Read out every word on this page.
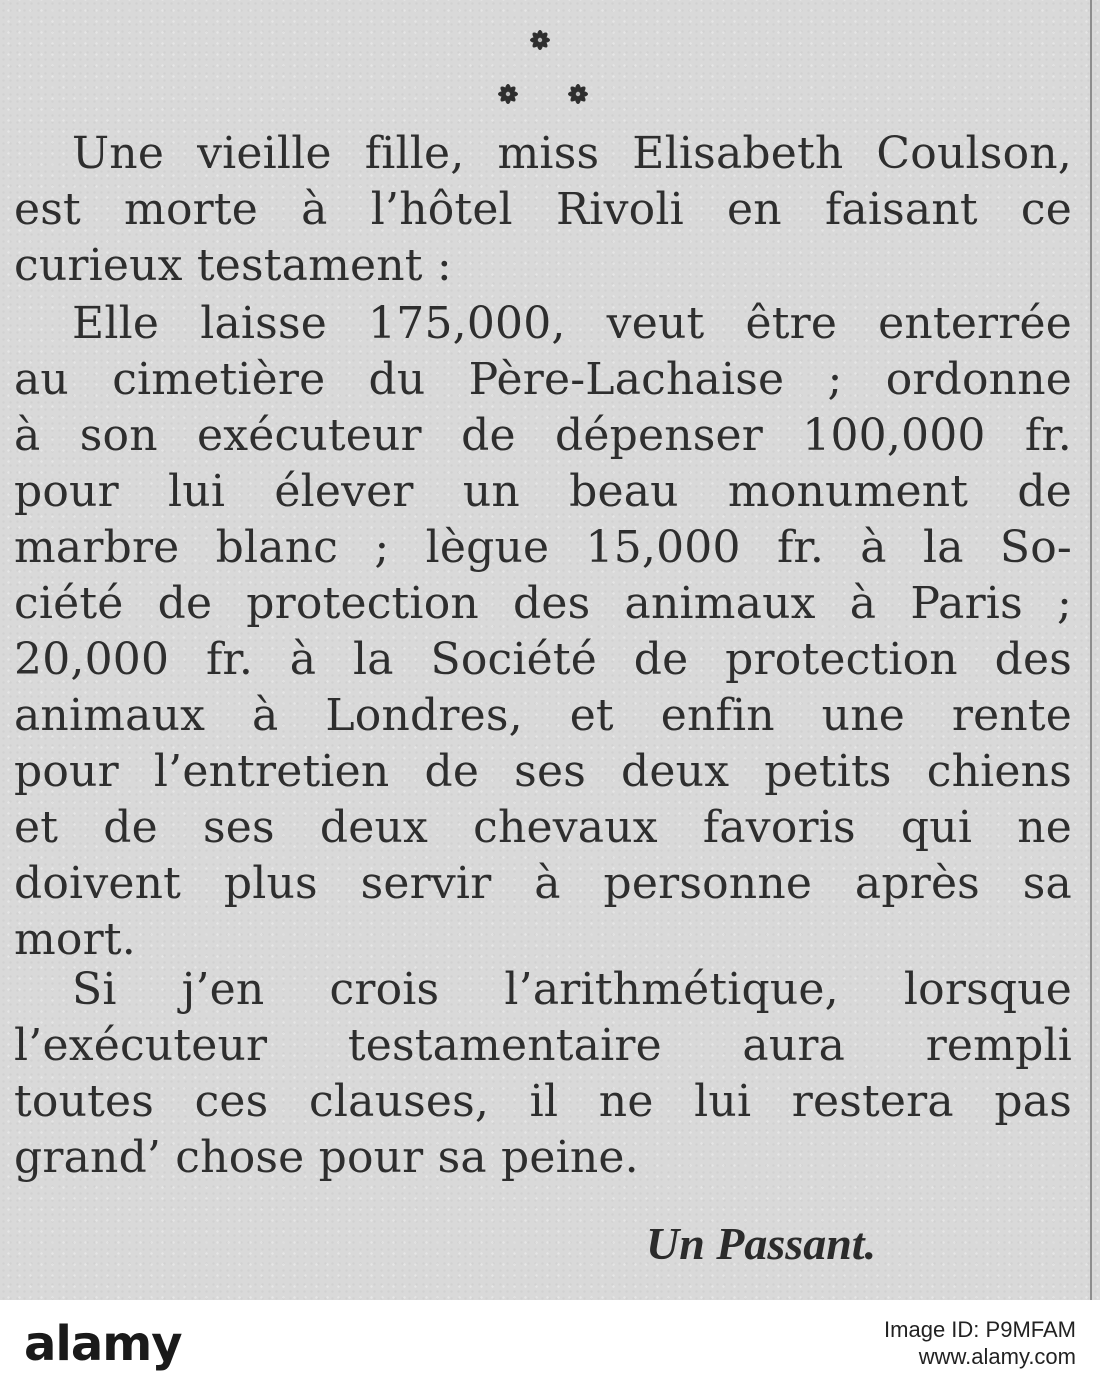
Une vieille fille, miss Elisabeth Coulson,
est morte à l’hôtel Rivoli en faisant ce
curieux testament :
Elle laisse 175,000, veut être enterrée
au cimetière du Père-Lachaise ; ordonne
à son exécuteur de dépenser 100,000 fr.
pour lui élever un beau monument de
marbre blanc ; lègue 15,000 fr. à la So-
ciété de protection des animaux à Paris ;
20,000 fr. à la Société de protection des
animaux à Londres, et enfin une rente
pour l’entretien de ses deux petits chiens
et de ses deux chevaux favoris qui ne
doivent plus servir à personne après sa
mort.
Si j’en crois l’arithmétique, lorsque
l’exécuteur testamentaire aura rempli
toutes ces clauses, il ne lui restera pas
grand’ chose pour sa peine.
Un Passant.
alamy	Image ID: P9MFAM
www.alamy.com
